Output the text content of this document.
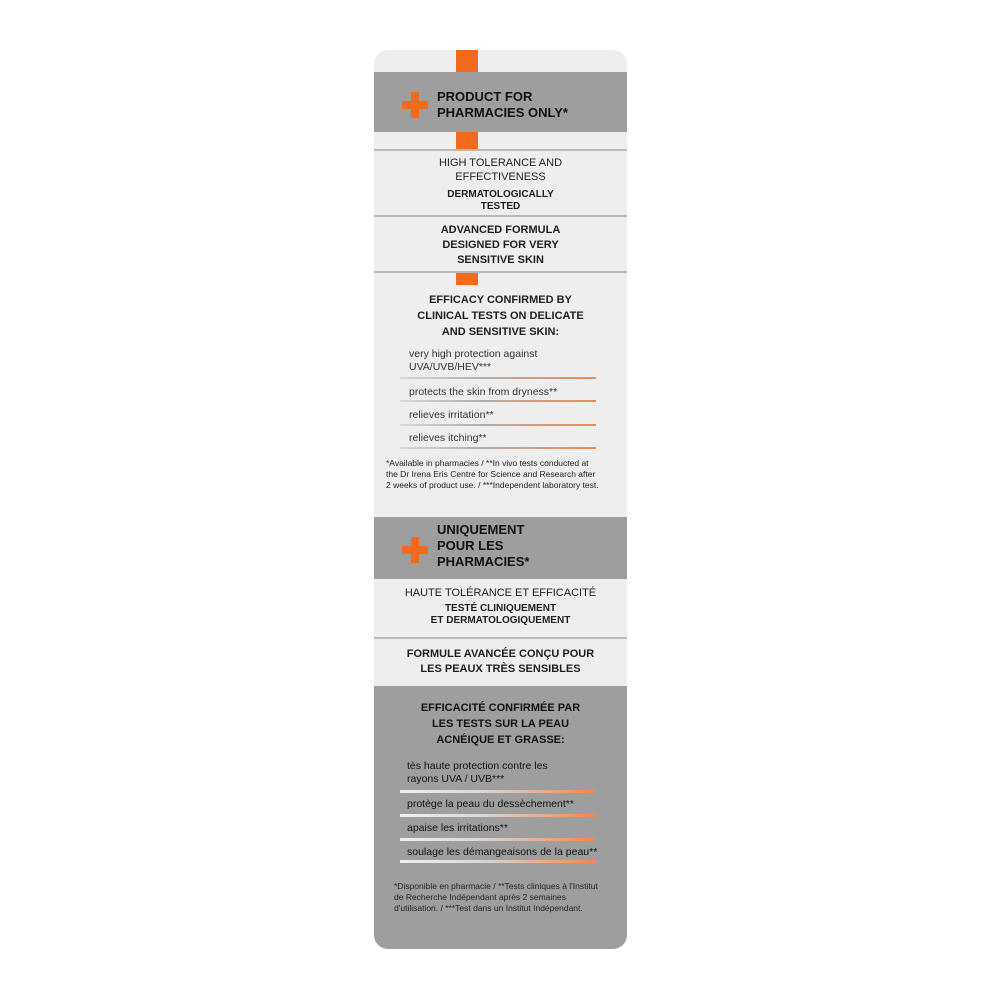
PRODUCT FOR
PHARMACIES ONLY*
HIGH TOLERANCE AND
EFFECTIVENESS
DERMATOLOGICALLY
TESTED
ADVANCED FORMULA
DESIGNED FOR VERY
SENSITIVE SKIN
EFFICACY CONFIRMED BY
CLINICAL TESTS ON DELICATE
AND SENSITIVE SKIN:
very high protection against UVA/UVB/HEV***
protects the skin from dryness**
relieves irritation**
relieves itching**
*Available in pharmacies / **In vivo tests conducted at
the Dr Irena Eris Centre for Science and Research after
2 weeks of product use. / ***Independent laboratory test.
UNIQUEMENT
POUR LES
PHARMACIES*
HAUTE TOLÉRANCE ET EFFICACITÉ
TESTÉ CLINIQUEMENT
ET DERMATOLOGIQUEMENT
FORMULE AVANCÉE CONÇU POUR
LES PEAUX TRÈS SENSIBLES
EFFICACITÉ CONFIRMÉE PAR
LES TESTS SUR LA PEAU
ACNÉIQUE ET GRASSE:
tès haute protection contre les rayons UVA / UVB***
protège la peau du dessèchement**
apaise les irritations**
soulage les démangeaisons de la peau**
*Disponible en pharmacie / **Tests cliniques à l'Institut
de Recherche Indépendant après 2 semaines
d'utilisation. / ***Test dans un Institut Indépendant.
